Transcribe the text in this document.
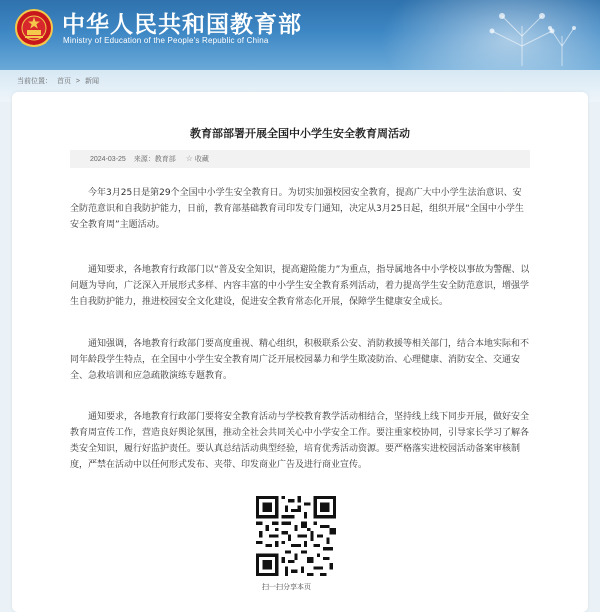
中华人民共和国教育部
Ministry of Education of the People's Republic of China
当前位置： 首页 > 新闻
教育部部署开展全国中小学生安全教育周活动
2024-03-25 来源：教育部 ☆ 收藏

今年3月25日是第29个全国中小学生安全教育日。为切实加强校园安全教育，提高广大中小学生法治意识、安全防范意识和自我防护能力，日前，教育部基础教育司印发专门通知，决定从3月25日起，组织开展“全国中小学生安全教育周”主题活动。

通知要求，各地教育行政部门以“普及安全知识，提高避险能力”为重点，指导属地各中小学校以事故为警醒、以问题为导向，广泛深入开展形式多样、内容丰富的中小学生安全教育系列活动，着力提高学生安全防范意识，增强学生自我防护能力，推进校园安全文化建设，促进安全教育常态化开展，保障学生健康安全成长。

通知强调，各地教育行政部门要高度重视、精心组织，积极联系公安、消防救援等相关部门，结合本地实际和不同年龄段学生特点，在全国中小学生安全教育周广泛开展校园暴力和学生欺凌防治、心理健康、消防安全、交通安全、急救培训和应急疏散演练专题教育。

通知要求，各地教育行政部门要将安全教育活动与学校教育教学活动相结合，坚持线上线下同步开展，做好安全教育周宣传工作，营造良好舆论氛围，推动全社会共同关心中小学安全工作。要注重家校协同，引导家长学习了解各类安全知识，履行好监护责任。要认真总结活动典型经验，培育优秀活动资源。要严格落实进校园活动备案审核制度，严禁在活动中以任何形式发布、夹带、印发商业广告及进行商业宣传。

扫一扫分享本页
